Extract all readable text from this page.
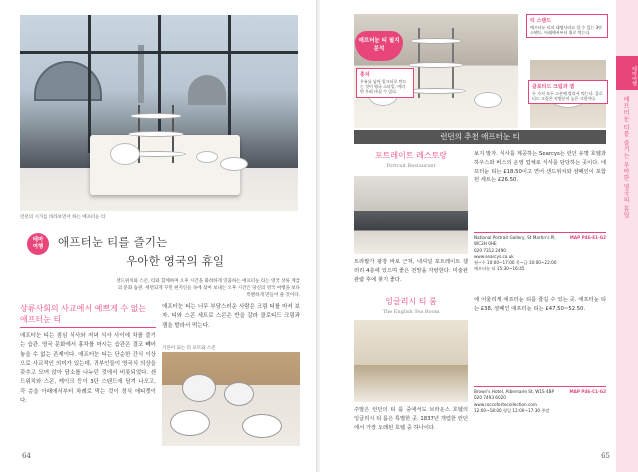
런던의 시가를 바라보면서 하는 애프터눈 티
테마
여행	애프터눈 티를 즐기는
우아한 영국의 휴일
샌드위치와 스콘, 티와 함께하며 오후 시간을 화려하게 연출하는 애프터눈 티는 영국 상류 계급의 문화 습관. 세련되게 꾸민 현지인들 속에 섞여 보내는 오후 시간은 당신의 영국 여행을 보다 특별하게 만들어 줄 것이다.
상류사회의 사교에서 예쁘게 수 없는 애프터눈 티
애프터눈 티는 점심 식사와 저녁 식사 사이에 차를 즐기는 습관. 영국 문화에서 홍차를 마시는 습관은 결코 빼어 놓을 수 없는 존재이다. 애프터눈 티는 단순한 간식 이상으로 사교적인 의미가 있는데, 귀부인들이 영국식 의상을 갖추고 모여 앉아 담소를 나누던 것에서 비롯되었다. 샌드위치와 스콘, 케이크 등이 3단 스탠드에 담겨 나오고, 각 층을 아래에서부터 차례로 먹는 것이 정식 에티켓이다.
애프터눈 티는 너무 부담스러운 사람은 크림 티를 마셔 보자. 티와 스콘 세트로 스콘은 반을 갈라 클로티드 크림과 잼을 발라서 먹는다.
기본이 되는 티 포트와 스콘
64
애프터눈 티 필지 분석
티 스탠드
애프터눈 티의 대명사라고 할 수 있는 3단 스탠드. 아래에서부터 위로 먹는다.
홍차
우유를 넣어 밀크티로 만드는 것이 영국 스타일. 여러 번 우려 마실 수 있다.
클로티드 크림과 잼
두 가지 모두 스콘에 발라서 먹는다. 클로티드 크림은 지방분이 높은 크림이다.
테마여행
애프터눈 티를 즐기는 우아한 영국의 휴일
런던의 추천 애프터눈 티
포트레이트 레스토랑
Portrait Restaurant
트라팔가 광장 바로 근처, 내셔널 포트레이트 갤러리 4층에 있으며 좋은 전망을 자랑한다. 미술관 관람 후에 찾기 좋다.
보지 말자. 식사를 제공하는 Searcys는 런던 유명 호텔과 하우스와 버스의 운영 업체로 식사를 담당하는 곳이다. 애프터눈 티는 £18.50이고 연어 샌드위치와 샴페인이 포함된 세트는 £26.50.
MAP P46-E1·G2
National Portrait Gallery, St Martin's Pl, WC2H 0HE
020 7312 2490
www.searcys.co.uk
월~수 10:00~17:00 목~금 10:00~22:00
애프터눈 티 15:30~16:45
잉글리시 티 룸
The English Tea Room
주말은 런던의 티 룸 중에서도 브라운스 호텔의 잉글리시 티 룸은 특별한 곳. 1837년 개업한 런던에서 가장 오래된 호텔 중 하나이다.
에 어울리게 애프터눈 티를 즐길 수 있는 곳. 애프터눈 티는 £38, 샴페인 애프터눈 티는 £47.50~52.50.
MAP P46-C1·G2
Brown's Hotel, Albemarle St, W1S 4BP
020 7493 6020
www.roccofortecollection.com
12:00~18:00 평일 12:00~17:30 주말
65
